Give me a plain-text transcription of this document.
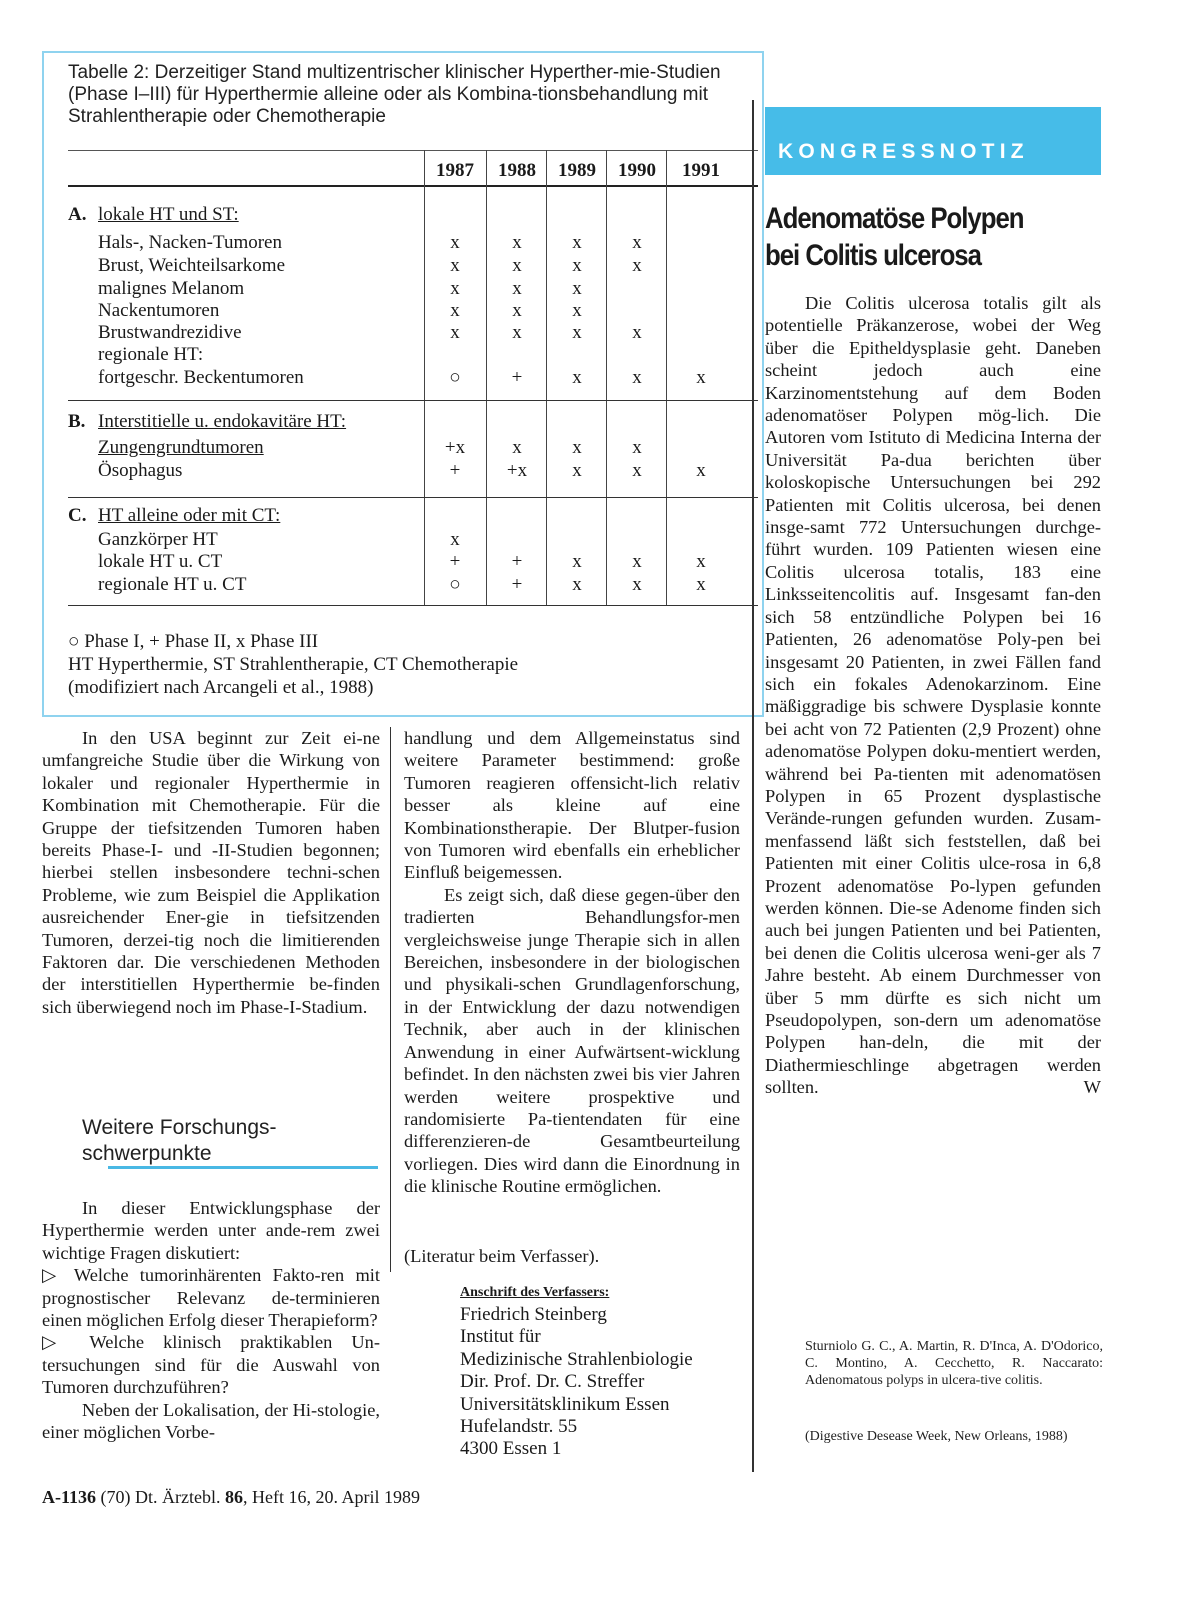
Tabelle 2: Derzeitiger Stand multizentrischer klinischer Hyperther-mie-Studien (Phase I–III) für Hyperthermie alleine oder als Kombina-tionsbehandlung mit Strahlentherapie oder Chemotherapie
1987	1988	1989	1990	1991
A. lokale HT und ST:
Hals-, Nacken-Tumoren	x	x	x	x
Brust, Weichteilsarkome	x	x	x	x
malignes Melanom	x	x	x
Nackentumoren	x	x	x
Brustwandrezidive	x	x	x	x
regionale HT:
fortgeschr. Beckentumoren	○	+	x	x	x
B. Interstitielle u. endokavitäre HT:
Zungengrundtumoren	+x	x	x	x
Ösophagus	+	+x	x	x	x
C. HT alleine oder mit CT:
Ganzkörper HT	x
lokale HT u. CT	+	+	x	x	x
regionale HT u. CT	○	+	x	x	x
○ Phase I, + Phase II, x Phase III
HT Hyperthermie, ST Strahlentherapie, CT Chemotherapie
(modifiziert nach Arcangeli et al., 1988)

In den USA beginnt zur Zeit ei-ne umfangreiche Studie über die Wirkung von lokaler und regionaler Hyperthermie in Kombination mit Chemotherapie. Für die Gruppe der tiefsitzenden Tumoren haben bereits Phase-I- und -II-Studien begonnen; hierbei stellen insbesondere techni-schen Probleme, wie zum Beispiel die Applikation ausreichender Ener-gie in tiefsitzenden Tumoren, derzei-tig noch die limitierenden Faktoren dar. Die verschiedenen Methoden der interstitiellen Hyperthermie be-finden sich überwiegend noch im Phase-I-Stadium.

Weitere Forschungs-schwerpunkte

In dieser Entwicklungsphase der Hyperthermie werden unter ande-rem zwei wichtige Fragen diskutiert:

▷ Welche tumorinhärenten Fakto-ren mit prognostischer Relevanz de-terminieren einen möglichen Erfolg dieser Therapieform?

▷ Welche klinisch praktikablen Un-tersuchungen sind für die Auswahl von Tumoren durchzuführen?

Neben der Lokalisation, der Hi-stologie, einer möglichen Vorbe-

handlung und dem Allgemeinstatus sind weitere Parameter bestimmend: große Tumoren reagieren offensicht-lich relativ besser als kleine auf eine Kombinationstherapie. Der Blutper-fusion von Tumoren wird ebenfalls ein erheblicher Einfluß beigemessen.

Es zeigt sich, daß diese gegen-über den tradierten Behandlungsfor-men vergleichsweise junge Therapie sich in allen Bereichen, insbesondere in der biologischen und physikali-schen Grundlagenforschung, in der Entwicklung der dazu notwendigen Technik, aber auch in der klinischen Anwendung in einer Aufwärtsent-wicklung befindet. In den nächsten zwei bis vier Jahren werden weitere prospektive und randomisierte Pa-tientendaten für eine differenzieren-de Gesamtbeurteilung vorliegen. Dies wird dann die Einordnung in die klinische Routine ermöglichen.

(Literatur beim Verfasser).
Anschrift des Verfassers:
Friedrich Steinberg
Institut für
Medizinische Strahlenbiologie
Dir. Prof. Dr. C. Streffer
Universitätsklinikum Essen
Hufelandstr. 55
4300 Essen 1
KONGRESSNOTIZ
Adenomatöse Polypen bei Colitis ulcerosa

Die Colitis ulcerosa totalis gilt als potentielle Präkanzerose, wobei der Weg über die Epitheldysplasie geht. Daneben scheint jedoch auch eine Karzinomentstehung auf dem Boden adenomatöser Polypen mög-lich. Die Autoren vom Istituto di Medicina Interna der Universität Pa-dua berichten über koloskopische Untersuchungen bei 292 Patienten mit Colitis ulcerosa, bei denen insge-samt 772 Untersuchungen durchge-führt wurden. 109 Patienten wiesen eine Colitis ulcerosa totalis, 183 eine Linksseitencolitis auf. Insgesamt fan-den sich 58 entzündliche Polypen bei 16 Patienten, 26 adenomatöse Poly-pen bei insgesamt 20 Patienten, in zwei Fällen fand sich ein fokales Adenokarzinom. Eine mäßiggradige bis schwere Dysplasie konnte bei acht von 72 Patienten (2,9 Prozent) ohne adenomatöse Polypen doku-mentiert werden, während bei Pa-tienten mit adenomatösen Polypen in 65 Prozent dysplastische Verände-rungen gefunden wurden. Zusam-menfassend läßt sich feststellen, daß bei Patienten mit einer Colitis ulce-rosa in 6,8 Prozent adenomatöse Po-lypen gefunden werden können. Die-se Adenome finden sich auch bei jungen Patienten und bei Patienten, bei denen die Colitis ulcerosa weni-ger als 7 Jahre besteht. Ab einem Durchmesser von über 5 mm dürfte es sich nicht um Pseudopolypen, son-dern um adenomatöse Polypen han-deln, die mit der Diathermieschlinge abgetragen werden sollten.	W

Sturniolo G. C., A. Martin, R. D'Inca, A. D'Odorico, C. Montino, A. Cecchetto, R. Naccarato: Adenomatous polyps in ulcera-tive colitis.
(Digestive Desease Week, New Orleans, 1988)
A-1136 (70) Dt. Ärztebl. 86, Heft 16, 20. April 1989
